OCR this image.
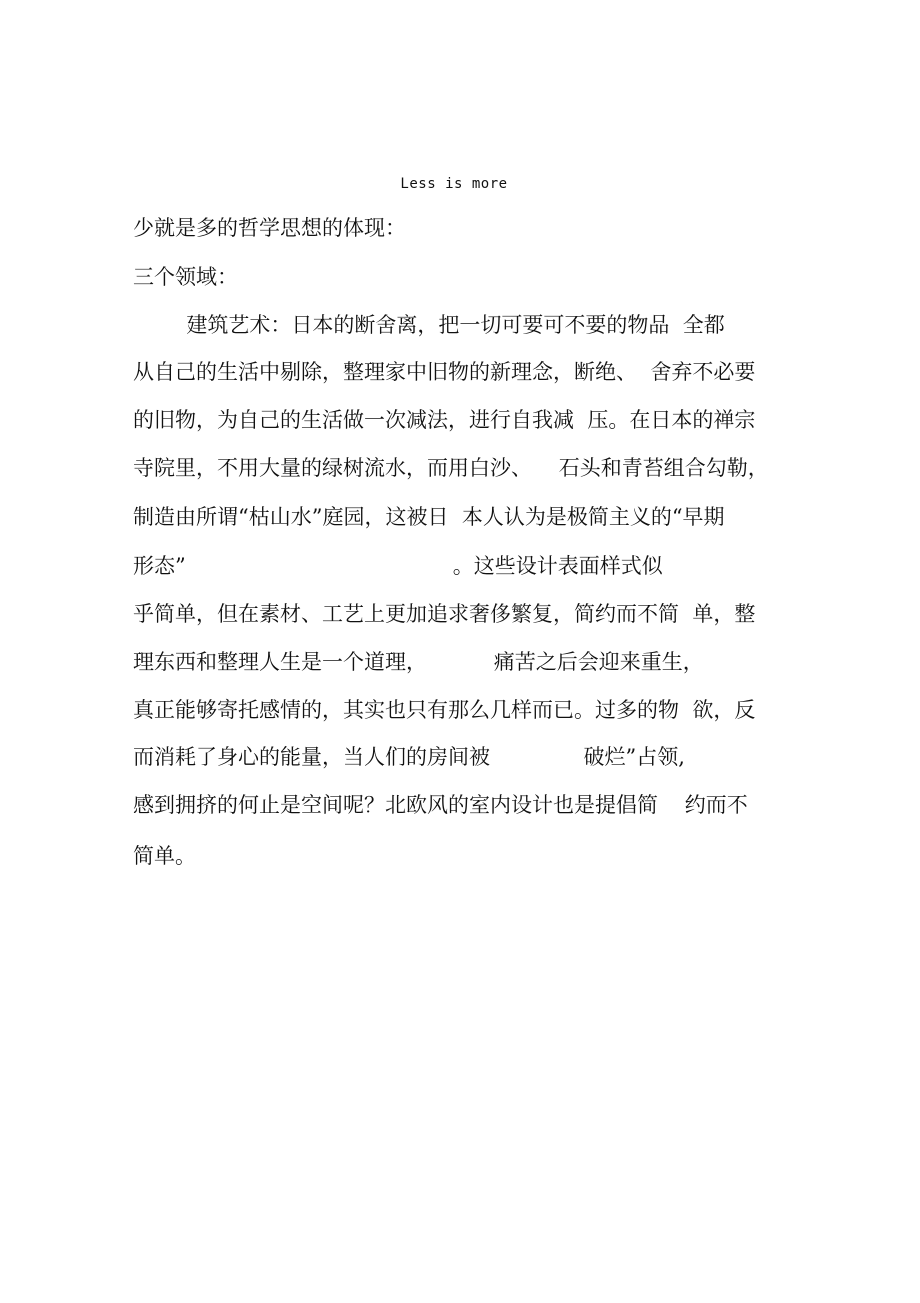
Less is more
少就是多的哲学思想的体现：
三个领域：
建筑艺术：日本的断舍离，把一切可要可不要的物品  全都
从自己的生活中剔除，整理家中旧物的新理念，断绝、  舍弃不必要
的旧物，为自己的生活做一次减法，进行自我减  压。在日本的禅宗
寺院里，不用大量的绿树流水，而用白沙、    石头和青苔组合勾勒，
制造由所谓“枯山水”庭园，这被日  本人认为是极简主义的“早期
形态”                                        。这些设计表面样式似
乎简单，但在素材、工艺上更加追求奢侈繁复，简约而不简  单，整
理东西和整理人生是一个道理，          痛苦之后会迎来重生，
真正能够寄托感情的，其实也只有那么几样而已。过多的物  欲，反
而消耗了身心的能量，当人们的房间被              破烂”占领,
感到拥挤的何止是空间呢？北欧风的室内设计也是提倡简    约而不
简单。
